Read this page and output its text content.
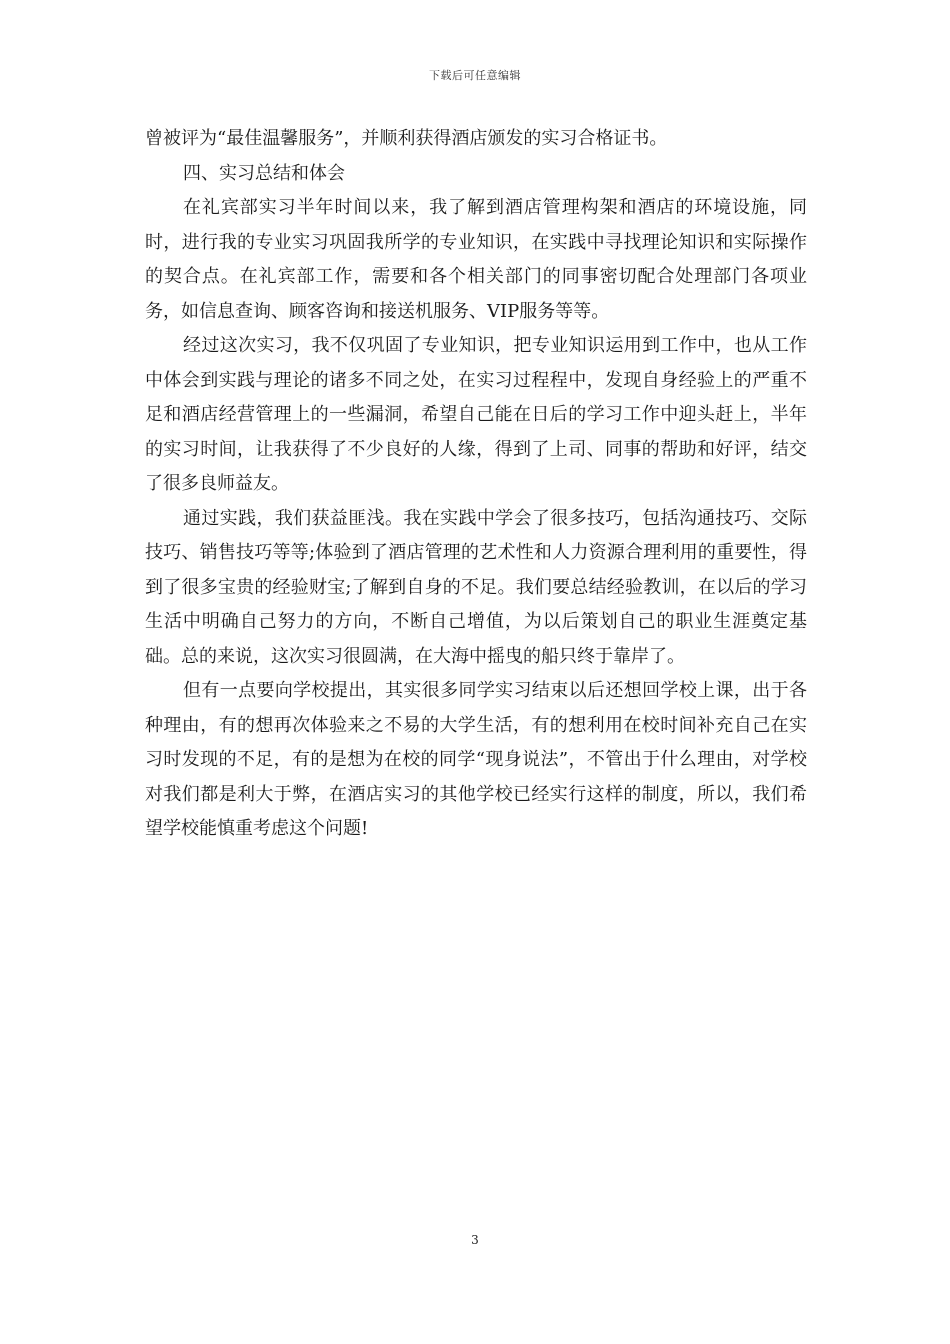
下载后可任意编辑

曾被评为“最佳温馨服务”，并顺利获得酒店颁发的实习合格证书。

四、实习总结和体会

在礼宾部实习半年时间以来，我了解到酒店管理构架和酒店的环境设施，同时，进行我的专业实习巩固我所学的专业知识，在实践中寻找理论知识和实际操作的契合点。在礼宾部工作，需要和各个相关部门的同事密切配合处理部门各项业务，如信息查询、顾客咨询和接送机服务、VIP服务等等。

经过这次实习，我不仅巩固了专业知识，把专业知识运用到工作中，也从工作中体会到实践与理论的诸多不同之处，在实习过程程中，发现自身经验上的严重不足和酒店经营管理上的一些漏洞，希望自己能在日后的学习工作中迎头赶上，半年的实习时间，让我获得了不少良好的人缘，得到了上司、同事的帮助和好评，结交了很多良师益友。

通过实践，我们获益匪浅。我在实践中学会了很多技巧，包括沟通技巧、交际技巧、销售技巧等等;体验到了酒店管理的艺术性和人力资源合理利用的重要性，得到了很多宝贵的经验财宝;了解到自身的不足。我们要总结经验教训，在以后的学习生活中明确自己努力的方向，不断自己增值，为以后策划自己的职业生涯奠定基础。总的来说，这次实习很圆满，在大海中摇曳的船只终于靠岸了。

但有一点要向学校提出，其实很多同学实习结束以后还想回学校上课，出于各种理由，有的想再次体验来之不易的大学生活，有的想利用在校时间补充自己在实习时发现的不足，有的是想为在校的同学“现身说法”，不管出于什么理由，对学校对我们都是利大于弊，在酒店实习的其他学校已经实行这样的制度，所以，我们希望学校能慎重考虑这个问题!

3
